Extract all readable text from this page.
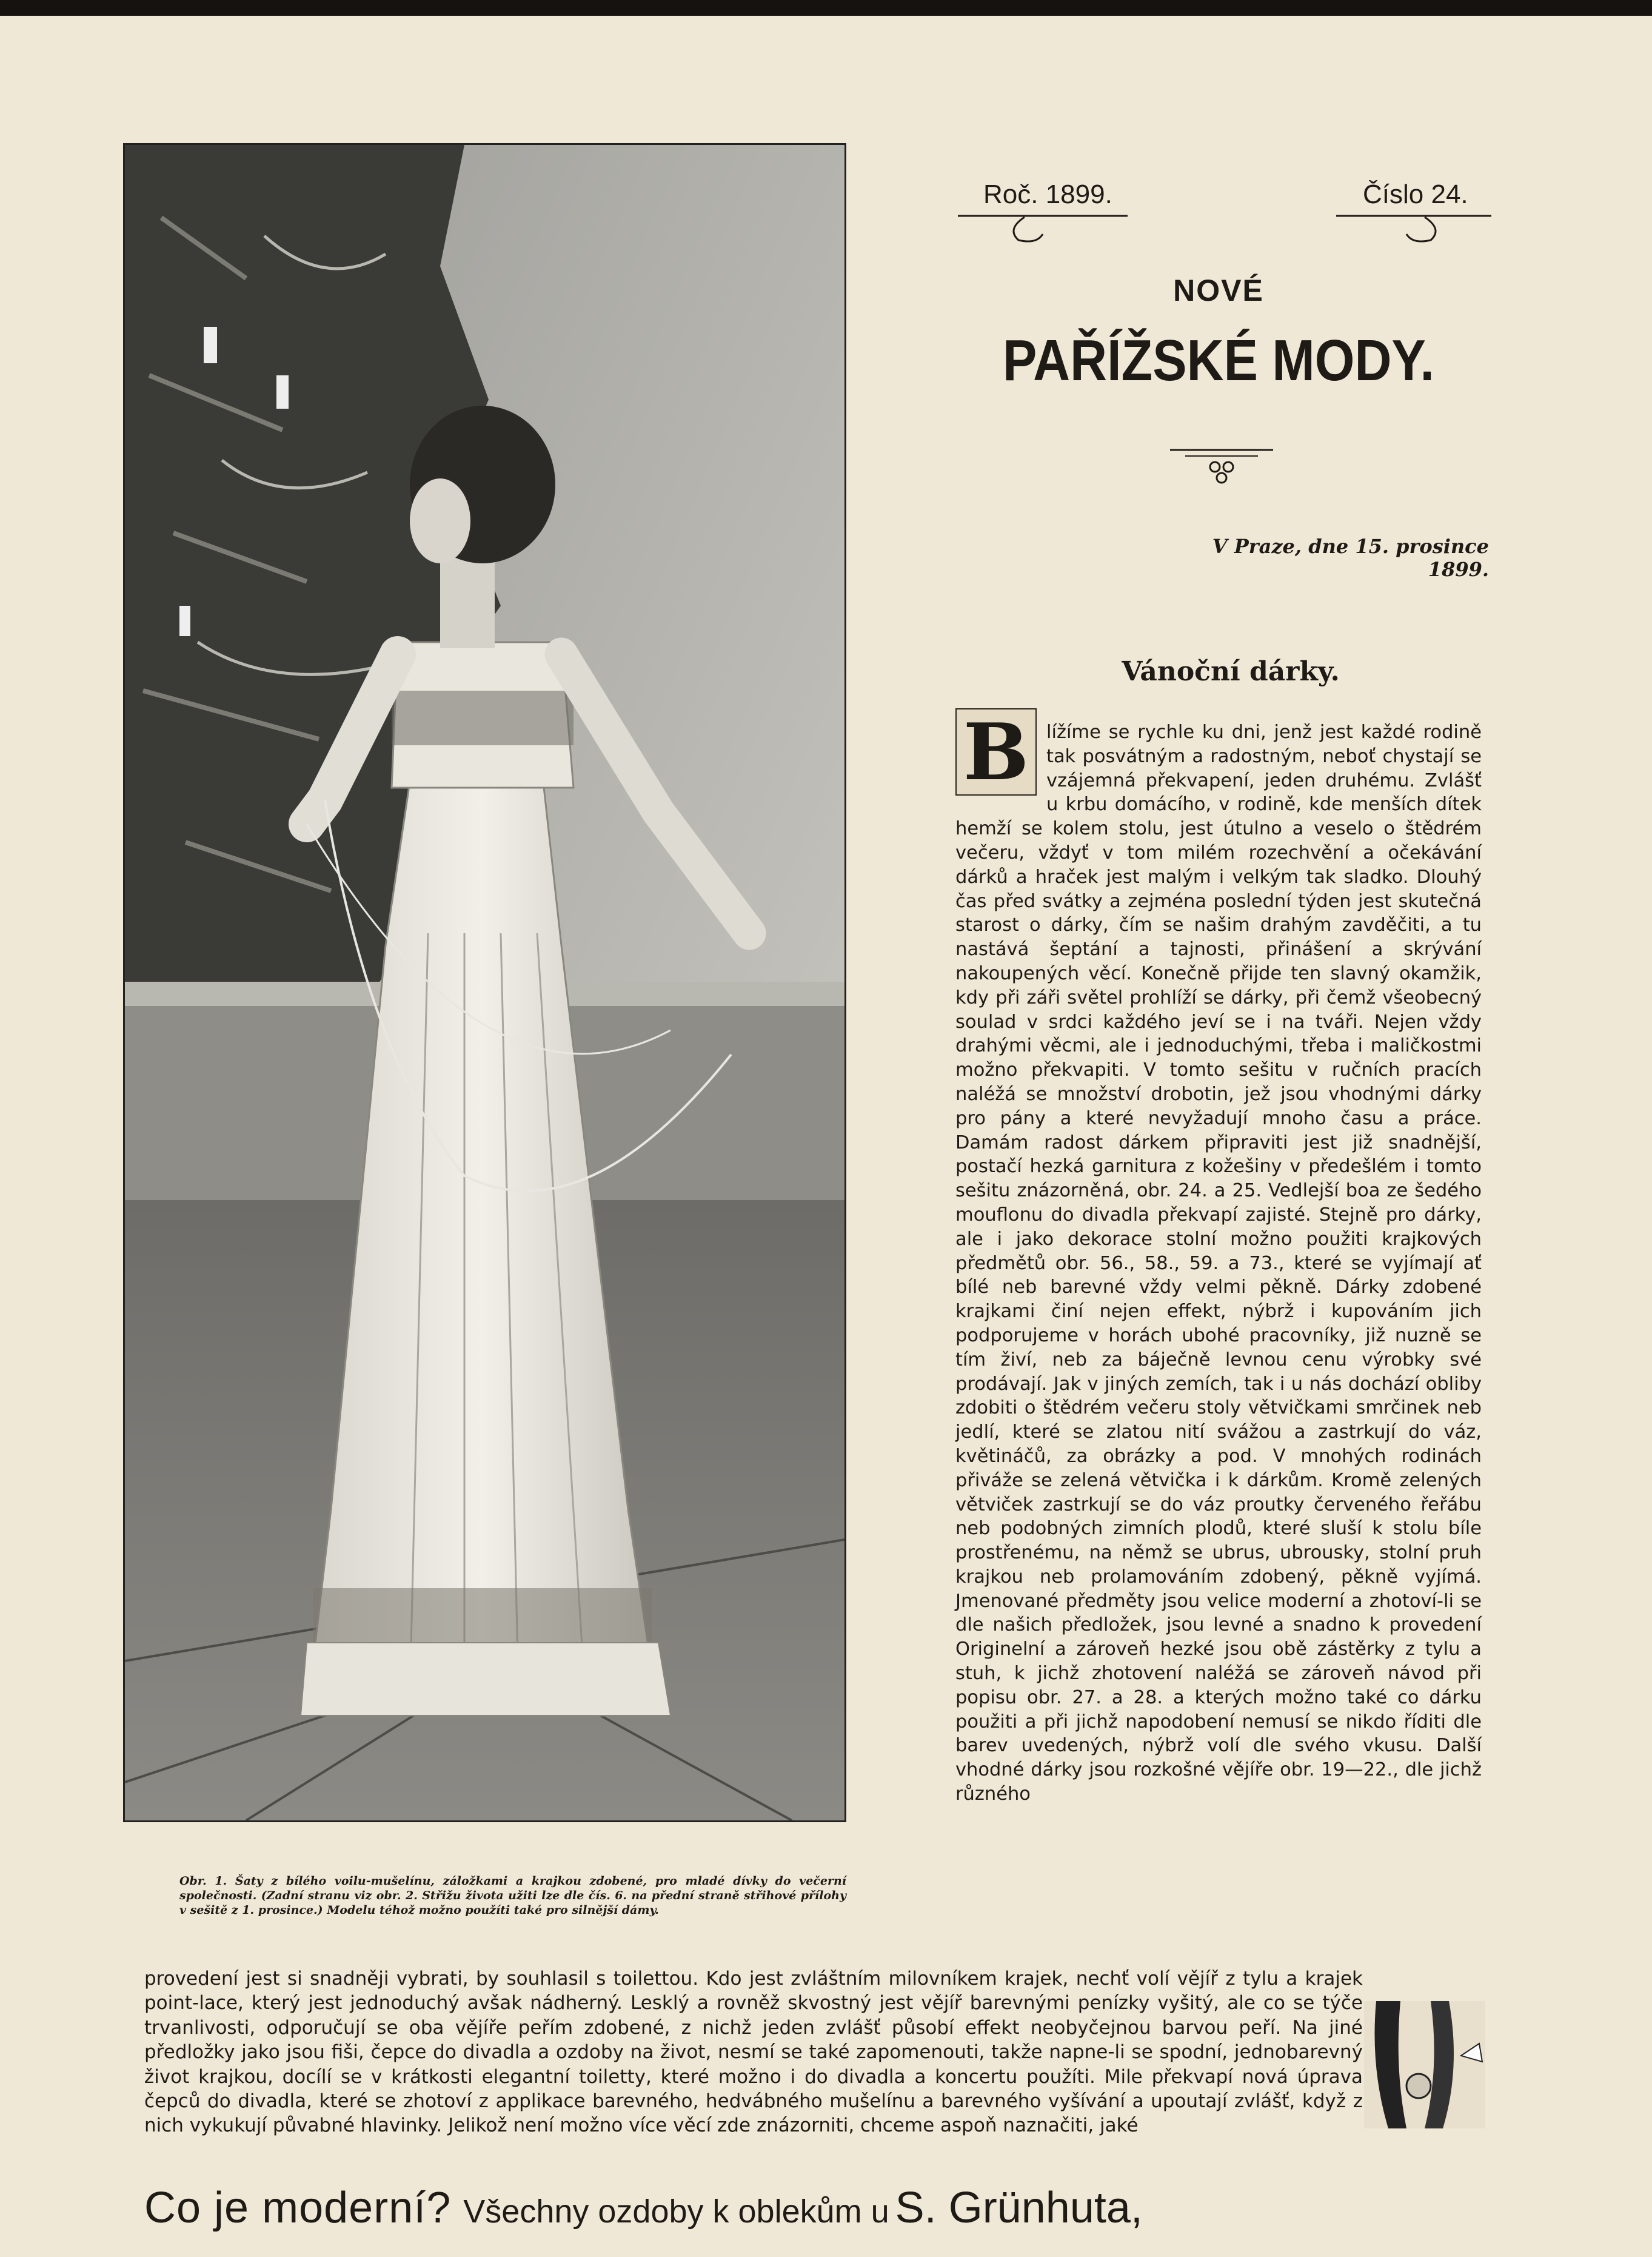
Obr. 1. Šaty z bílého voilu-mušelínu, záložkami a krajkou zdobené, pro mladé dívky do večerní společnosti. (Zadní stranu viz obr. 2. Střižu života užiti lze dle čís. 6. na přední straně střihové přílohy v sešitě z 1. prosince.) Modelu téhož možno použíti také pro silnější dámy.
Roč. 1899.	Číslo 24.
NOVÉ
PAŘÍŽSKÉ MODY.
V Praze, dne 15. prosince 1899.
Vánoční dárky.
B lížíme se rychle ku dni, jenž jest každé rodině tak posvátným a radostným, neboť chystají se vzájemná překvapení, jeden druhému. Zvlášť u krbu domácího, v rodině, kde menších dítek hemží se kolem stolu, jest útulno a veselo o štědrém večeru, vždyť v tom milém rozechvění a očekávání dárků a hraček jest malým i velkým tak sladko. Dlouhý čas před svátky a zejména poslední týden jest skutečná starost o dárky, čím se našim drahým zavděčiti, a tu nastává šeptání a tajnosti, přinášení a skrývání nakoupených věcí. Konečně přijde ten slavný okamžik, kdy při záři světel prohlíží se dárky, při čemž všeobecný soulad v srdci každého jeví se i na tváři. Nejen vždy drahými věcmi, ale i jednoduchými, třeba i maličkostmi možno překvapiti. V tomto sešitu v ručních pracích naléžá se množství drobotin, jež jsou vhodnými dárky pro pány a které nevyžadují mnoho času a práce. Damám radost dárkem připraviti jest již snadnější, postačí hezká garnitura z kožešiny v předešlém i tomto sešitu znázorněná, obr. 24. a 25. Vedlejší boa ze šedého mouflonu do divadla překvapí zajisté. Stejně pro dárky, ale i jako dekorace stolní možno použiti krajkových předmětů obr. 56., 58., 59. a 73., které se vyjímají ať bílé neb barevné vždy velmi pěkně. Dárky zdobené krajkami činí nejen effekt, nýbrž i kupováním jich podporujeme v horách ubohé pracovníky, již nuzně se tím živí, neb za báječně levnou cenu výrobky své prodávají. Jak v jiných zemích, tak i u nás dochází obliby zdobiti o štědrém večeru stoly větvičkami smrčinek neb jedlí, které se zlatou nití svážou a zastrkují do váz, květináčů, za obrázky a pod. V mnohých rodinách přiváže se zelená větvička i k dárkům. Kromě zelených větviček zastrkují se do váz proutky červeného řeřábu neb podobných zimních plodů, které sluší k stolu bíle prostřenému, na němž se ubrus, ubrousky, stolní pruh krajkou neb prolamováním zdobený, pěkně vyjímá. Jmenované předměty jsou velice moderní a zhotoví-li se dle našich předložek, jsou levné a snadno k provedení Originelní a zároveň hezké jsou obě zástěrky z tylu a stuh, k jichž zhotovení naléžá se zároveň návod při popisu obr. 27. a 28. a kterých možno také co dárku použiti a při jichž napodobení nemusí se nikdo říditi dle barev uvedených, nýbrž volí dle svého vkusu. Další vhodné dárky jsou rozkošné vějíře obr. 19—22., dle jichž různého
provedení jest si snadněji vybrati, by souhlasil s toilettou. Kdo jest zvláštním milovníkem krajek, nechť volí vějíř z tylu a krajek point-lace, který jest jednoduchý avšak nádherný. Lesklý a rovněž skvostný jest vějíř barevnými penízky vyšitý, ale co se týče trvanlivosti, odporučují se oba vějíře peřím zdobené, z nichž jeden zvlášť působí effekt neobyčejnou barvou peří. Na jiné předložky jako jsou fiši, čepce do divadla a ozdoby na život, nesmí se také zapomenouti, takže napne-li se spodní, jednobarevný život krajkou, docílí se v krátkosti elegantní toiletty, které možno i do divadla a koncertu použíti. Mile překvapí nová úprava čepců do divadla, které se zhotoví z applikace barevného, hedvábného mušelínu a barevného vyšívání a upoutají zvlášť, když z nich vykukují půvabné hlavinky. Jelikož není možno více věcí zde znázorniti, chceme aspoň naznačiti, jaké
Co je moderní? Všechny ozdoby k oblekům u S. Grünhuta,
